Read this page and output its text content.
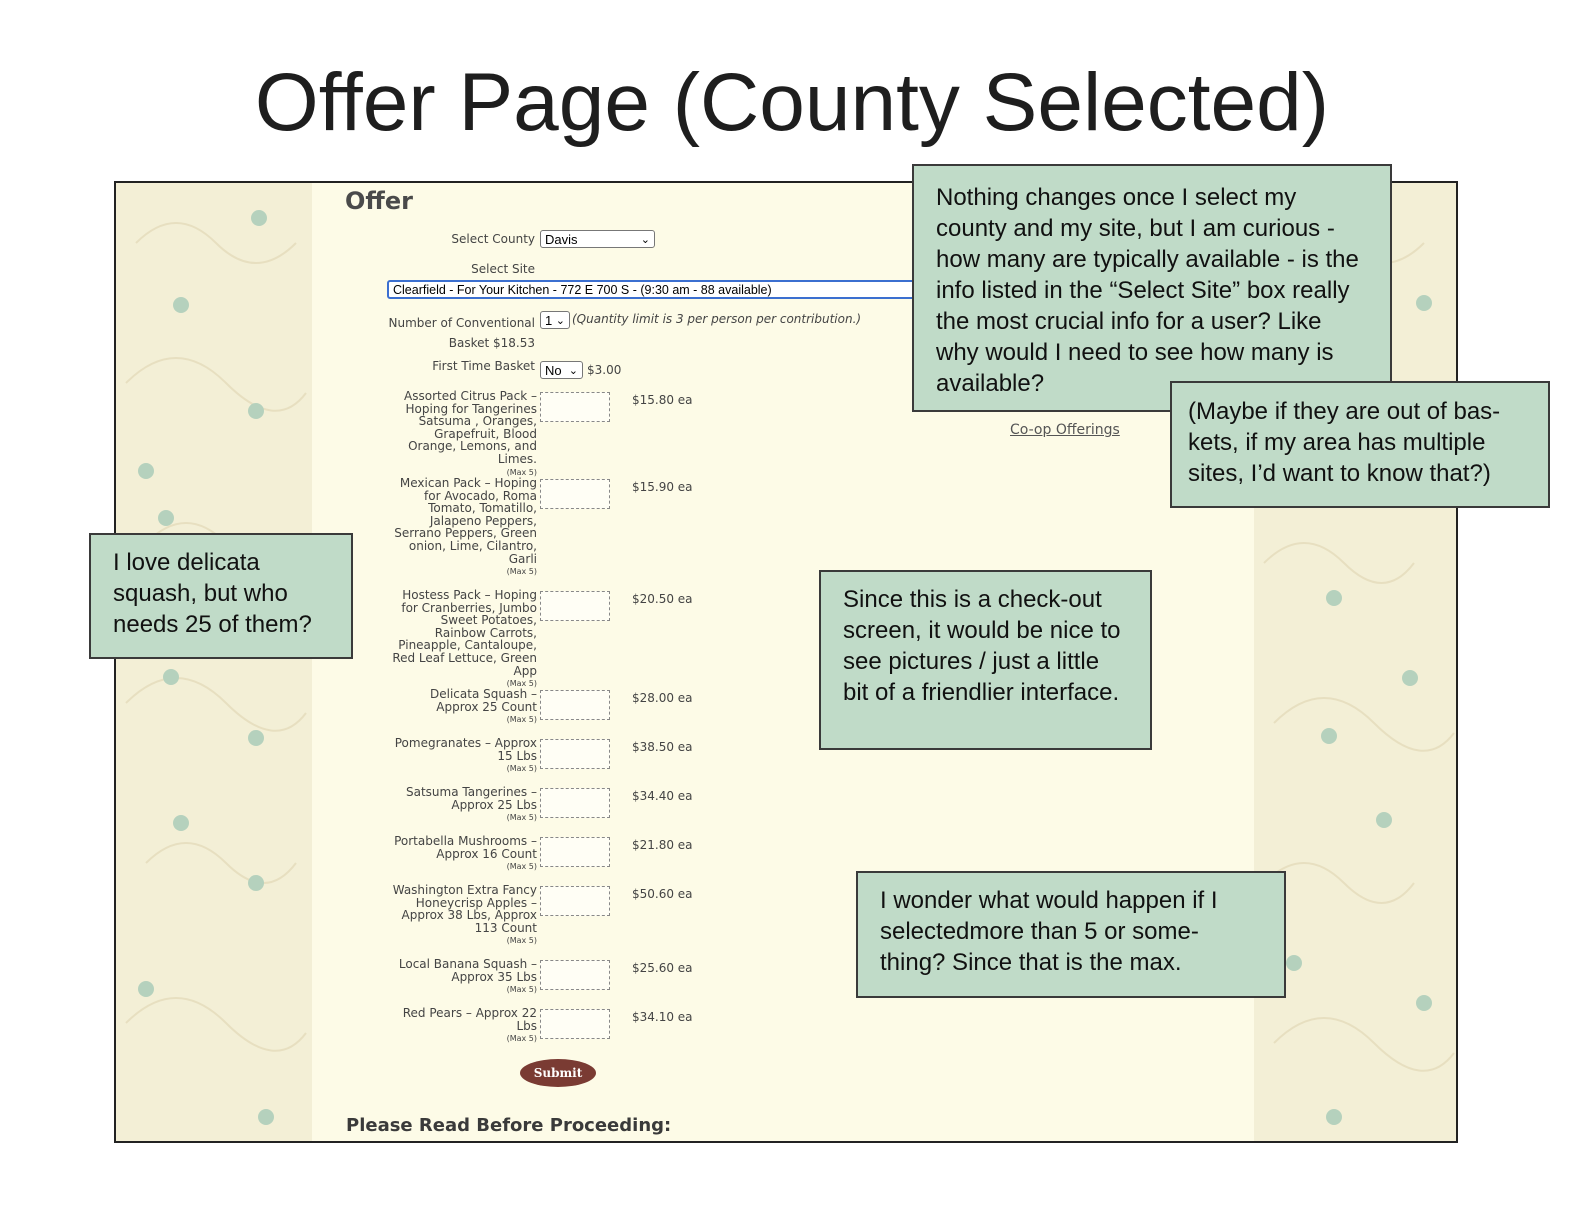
Offer Page (County Selected)
Offer
Select County Davis	⌄
Select Site
Clearfield - For Your Kitchen - 772 E 700 S - (9:30 am - 88 available)
Number of Conventional
Basket $18.53
1 ⌄ (Quantity limit is 3 per person per contribution.)
First Time Basket No ⌄ $3.00
Assorted Citrus Pack – Hoping for Tangerines Satsuma , Oranges, Grapefruit, Blood Orange, Lemons, and Limes.
(Max 5)
$15.80 ea
Mexican Pack – Hoping for Avocado, Roma Tomato, Tomatillo, Jalapeno Peppers, Serrano Peppers, Green onion, Lime, Cilantro, Garli
(Max 5)
$15.90 ea
Hostess Pack – Hoping for Cranberries, Jumbo Sweet Potatoes, Rainbow Carrots, Pineapple, Cantaloupe, Red Leaf Lettuce, Green App
(Max 5)
$20.50 ea
Delicata Squash – Approx 25 Count
(Max 5)
$28.00 ea
Pomegranates – Approx 15 Lbs
(Max 5)
$38.50 ea
Satsuma Tangerines – Approx 25 Lbs
(Max 5)
$34.40 ea
Portabella Mushrooms – Approx 16 Count
(Max 5)
$21.80 ea
Washington Extra Fancy Honeycrisp Apples – Approx 38 Lbs, Approx 113 Count
(Max 5)
$50.60 ea
Local Banana Squash – Approx 35 Lbs
(Max 5)
$25.60 ea
Red Pears – Approx 22 Lbs
(Max 5)
$34.10 ea
Submit
Co-op Offerings
Please Read Before Proceeding:
Nothing changes once I select my county and my site, but I am curious - how many are typically available - is the info listed in the “Select Site” box really the most crucial info for a user? Like why would I need to see how many is available?
(Maybe if they are out of bas-kets, if my area has multiple sites, I’d want to know that?)
I love delicata squash, but who needs 25 of them?
Since this is a check-out screen, it would be nice to see pictures / just a little bit of a friendlier interface.
I wonder what would happen if I selectedmore than 5 or some-thing? Since that is the max.
